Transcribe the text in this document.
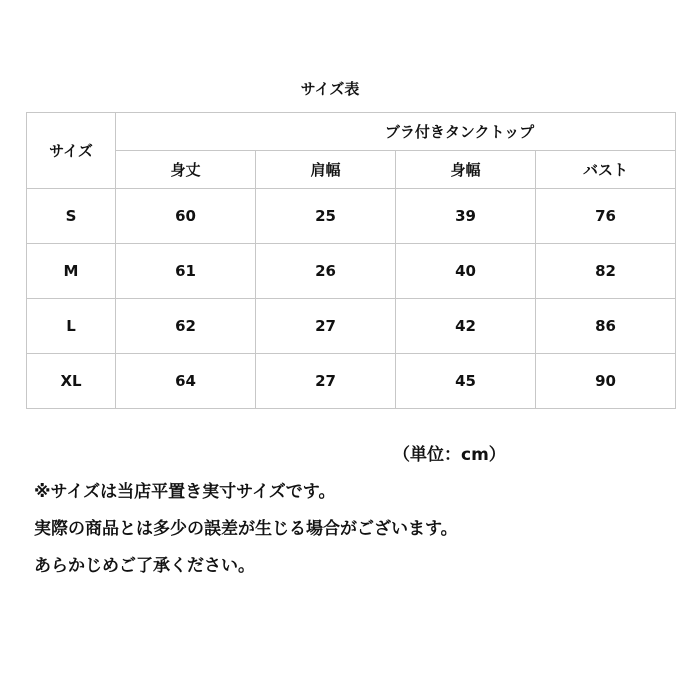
サイズ表
サイズ	ブラ付きタンクトップ			
	身丈	肩幅	身幅	バスト
S	60	25	39	76
M	61	26	40	82
L	62	27	42	86
XL	64	27	45	90
（単位：cm）
※サイズは当店平置き実寸サイズです。
実際の商品とは多少の誤差が生じる場合がございます。
あらかじめご了承ください。
